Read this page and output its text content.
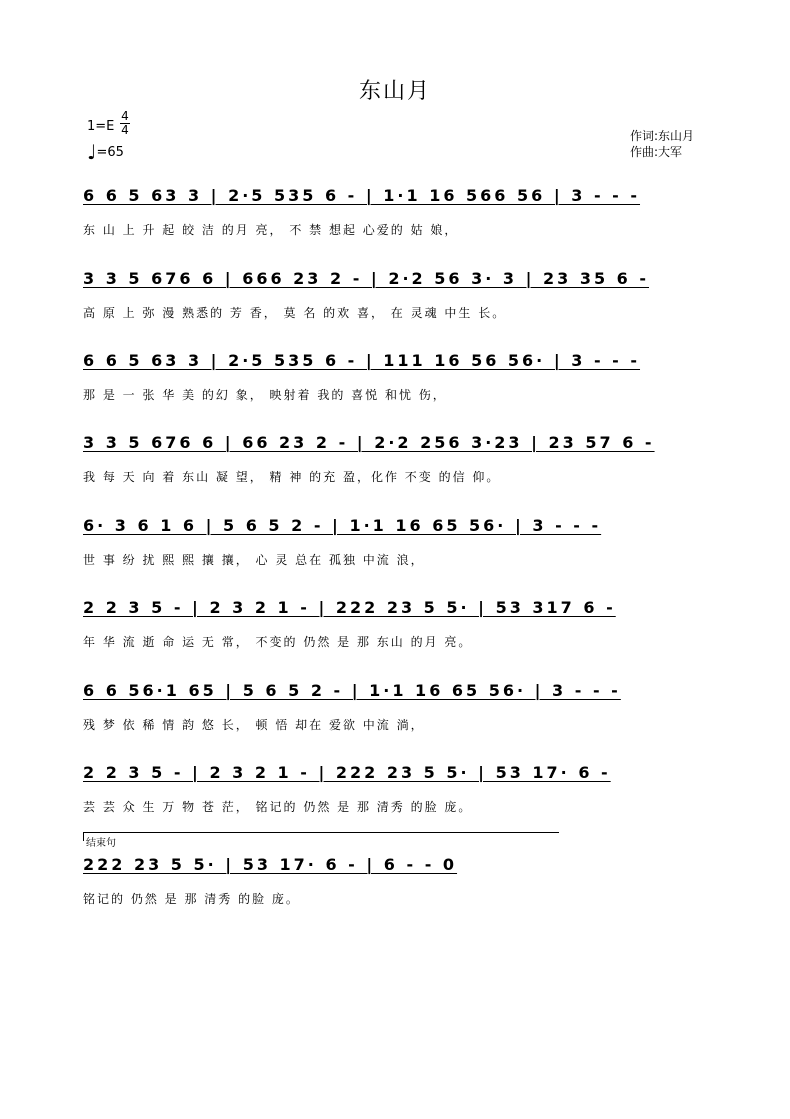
东山月
1=E
4
4
♩=65
作词:东山月
作曲:大军
6 6 5 63 3 | 2·5 535 6 - | 1·1 16 566 56 | 3 - - -
东 山 上 升 起 皎 洁 的月 亮， 不 禁 想起 心爱的 姑 娘，
3 3 5 676 6 | 666 23 2 - | 2·2 56 3· 3 | 23 35 6 -
高 原 上 弥 漫 熟悉的 芳 香， 莫 名 的欢 喜， 在 灵魂 中生 长。
6 6 5 63 3 | 2·5 535 6 - | 111 16 56 56· | 3 - - -
那 是 一 张 华 美 的幻 象， 映射着 我的 喜悦 和忧 伤，
3 3 5 676 6 | 66 23 2 - | 2·2 256 3·23 | 23 57 6 -
我 每 天 向 着 东山 凝 望， 精 神 的充 盈，化作 不变 的信 仰。
6· 3 6 1 6 | 5 6 5 2 - | 1·1 16 65 56· | 3 - - -
世 事 纷 扰 熙 熙 攘 攘， 心 灵 总在 孤独 中流 浪，
2 2 3 5 - | 2 3 2 1 - | 222 23 5 5· | 53 317 6 -
年 华 流 逝 命 运 无 常， 不变的 仍然 是 那 东山 的月 亮。
6 6 56·1 65 | 5 6 5 2 - | 1·1 16 65 56· | 3 - - -
残 梦 依 稀 情 韵 悠 长， 顿 悟 却在 爱欲 中流 淌，
2 2 3 5 - | 2 3 2 1 - | 222 23 5 5· | 53 17· 6 -
芸 芸 众 生 万 物 苍 茫， 铭记的 仍然 是 那 清秀 的脸 庞。
结束句
222 23 5 5· | 53 17· 6 - | 6 - - 0
铭记的 仍然 是 那 清秀 的脸 庞。
